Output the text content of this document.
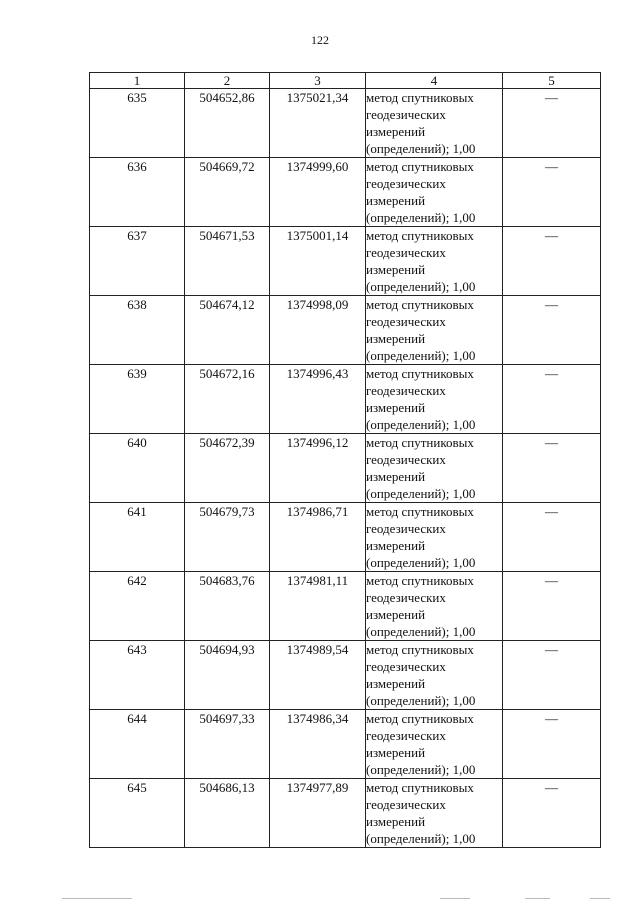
122
1	2	3	4	5
635	504652,86	1375021,34	метод спутниковых
геодезических
измерений
(определений); 1,00	—
636	504669,72	1374999,60	метод спутниковых
геодезических
измерений
(определений); 1,00	—
637	504671,53	1375001,14	метод спутниковых
геодезических
измерений
(определений); 1,00	—
638	504674,12	1374998,09	метод спутниковых
геодезических
измерений
(определений); 1,00	—
639	504672,16	1374996,43	метод спутниковых
геодезических
измерений
(определений); 1,00	—
640	504672,39	1374996,12	метод спутниковых
геодезических
измерений
(определений); 1,00	—
641	504679,73	1374986,71	метод спутниковых
геодезических
измерений
(определений); 1,00	—
642	504683,76	1374981,11	метод спутниковых
геодезических
измерений
(определений); 1,00	—
643	504694,93	1374989,54	метод спутниковых
геодезических
измерений
(определений); 1,00	—
644	504697,33	1374986,34	метод спутниковых
геодезических
измерений
(определений); 1,00	—
645	504686,13	1374977,89	метод спутниковых
геодезических
измерений
(определений); 1,00	—
